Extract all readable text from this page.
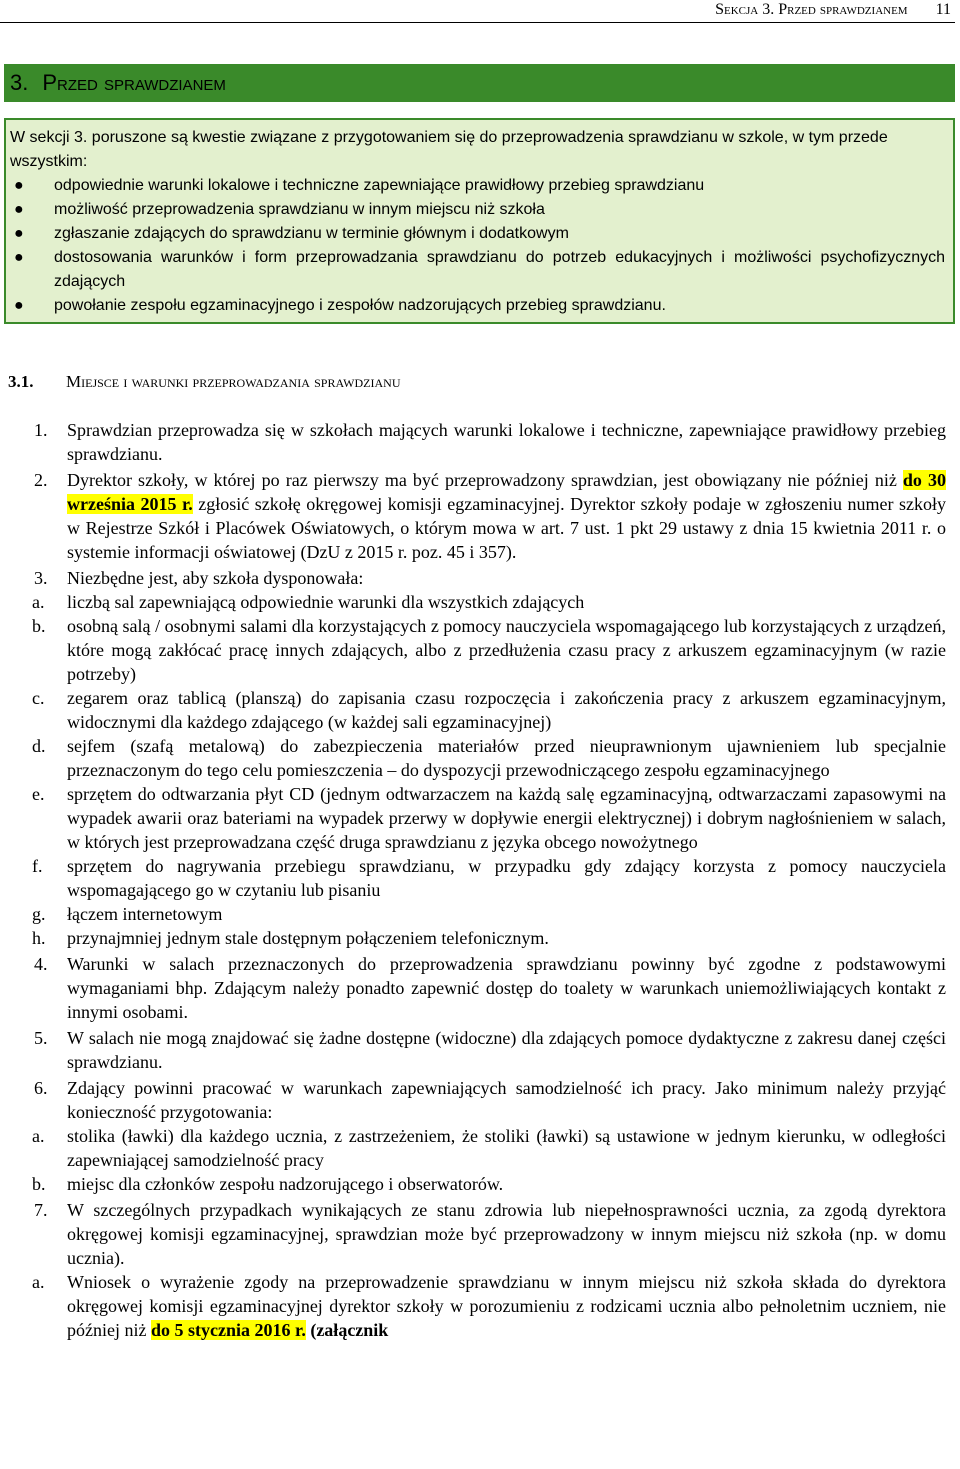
Sekcja 3. Przed sprawdzianem 11
3. Przed sprawdzianem
W sekcji 3. poruszone są kwestie związane z przygotowaniem się do przeprowadzenia sprawdzianu w szkole, w tym przede wszystkim:
● odpowiednie warunki lokalowe i techniczne zapewniające prawidłowy przebieg sprawdzianu
● możliwość przeprowadzenia sprawdzianu w innym miejscu niż szkoła
● zgłaszanie zdających do sprawdzianu w terminie głównym i dodatkowym
● dostosowania warunków i form przeprowadzania sprawdzianu do potrzeb edukacyjnych i możliwości psychofizycznych zdających
● powołanie zespołu egzaminacyjnego i zespołów nadzorujących przebieg sprawdzianu.
3.1. Miejsce i warunki przeprowadzania sprawdzianu
1. Sprawdzian przeprowadza się w szkołach mających warunki lokalowe i techniczne, zapewniające prawidłowy przebieg sprawdzianu.
2. Dyrektor szkoły, w której po raz pierwszy ma być przeprowadzony sprawdzian, jest obowiązany nie później niż do 30 września 2015 r. zgłosić szkołę okręgowej komisji egzaminacyjnej. Dyrektor szkoły podaje w zgłoszeniu numer szkoły w Rejestrze Szkół i Placówek Oświatowych, o którym mowa w art. 7 ust. 1 pkt 29 ustawy z dnia 15 kwietnia 2011 r. o systemie informacji oświatowej (DzU z 2015 r. poz. 45 i 357).
3. Niezbędne jest, aby szkoła dysponowała:
a. liczbą sal zapewniającą odpowiednie warunki dla wszystkich zdających
b. osobną salą / osobnymi salami dla korzystających z pomocy nauczyciela wspomagającego lub korzystających z urządzeń, które mogą zakłócać pracę innych zdających, albo z przedłużenia czasu pracy z arkuszem egzaminacyjnym (w razie potrzeby)
c. zegarem oraz tablicą (planszą) do zapisania czasu rozpoczęcia i zakończenia pracy z arkuszem egzaminacyjnym, widocznymi dla każdego zdającego (w każdej sali egzaminacyjnej)
d. sejfem (szafą metalową) do zabezpieczenia materiałów przed nieuprawnionym ujawnieniem lub specjalnie przeznaczonym do tego celu pomieszczenia – do dyspozycji przewodniczącego zespołu egzaminacyjnego
e. sprzętem do odtwarzania płyt CD (jednym odtwarzaczem na każdą salę egzaminacyjną, odtwarzaczami zapasowymi na wypadek awarii oraz bateriami na wypadek przerwy w dopływie energii elektrycznej) i dobrym nagłośnieniem w salach, w których jest przeprowadzana część druga sprawdzianu z języka obcego nowożytnego
f. sprzętem do nagrywania przebiegu sprawdzianu, w przypadku gdy zdający korzysta z pomocy nauczyciela wspomagającego go w czytaniu lub pisaniu
g. łączem internetowym
h. przynajmniej jednym stale dostępnym połączeniem telefonicznym.
4. Warunki w salach przeznaczonych do przeprowadzenia sprawdzianu powinny być zgodne z podstawowymi wymaganiami bhp. Zdającym należy ponadto zapewnić dostęp do toalety w warunkach uniemożliwiających kontakt z innymi osobami.
5. W salach nie mogą znajdować się żadne dostępne (widoczne) dla zdających pomoce dydaktyczne z zakresu danej części sprawdzianu.
6. Zdający powinni pracować w warunkach zapewniających samodzielność ich pracy. Jako minimum należy przyjąć konieczność przygotowania:
a. stolika (ławki) dla każdego ucznia, z zastrzeżeniem, że stoliki (ławki) są ustawione w jednym kierunku, w odległości zapewniającej samodzielność pracy
b. miejsc dla członków zespołu nadzorującego i obserwatorów.
7. W szczególnych przypadkach wynikających ze stanu zdrowia lub niepełnosprawności ucznia, za zgodą dyrektora okręgowej komisji egzaminacyjnej, sprawdzian może być przeprowadzony w innym miejscu niż szkoła (np. w domu ucznia).
a. Wniosek o wyrażenie zgody na przeprowadzenie sprawdzianu w innym miejscu niż szkoła składa do dyrektora okręgowej komisji egzaminacyjnej dyrektor szkoły w porozumieniu z rodzicami ucznia albo pełnoletnim uczniem, nie później niż do 5 stycznia 2016 r. (załącznik
